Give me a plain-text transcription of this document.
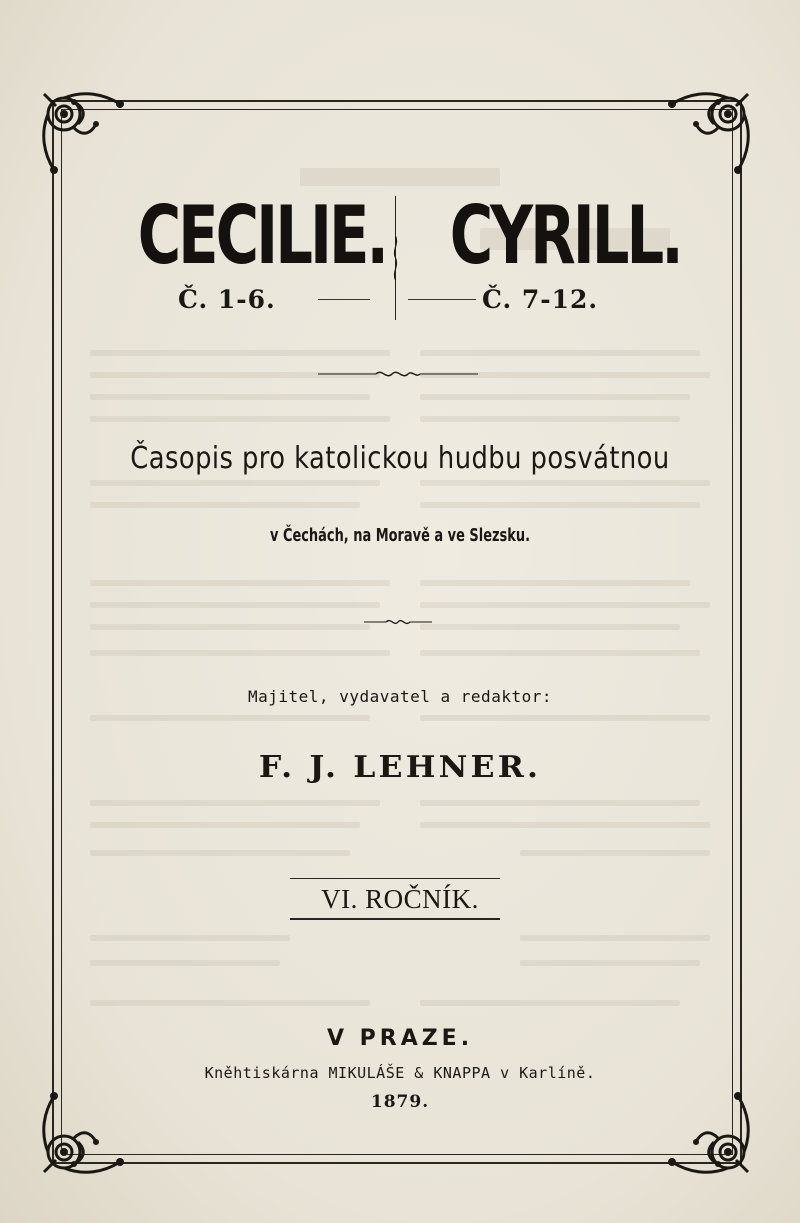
CECILIE. CYRILL.
Č. 1-6.	Č. 7-12.
Časopis pro katolickou hudbu posvátnou
v Čechách, na Moravě a ve Slezsku.
Majitel, vydavatel a redaktor:
F. J. LEHNER.
VI. ROČNÍK.
V PRAZE.
Kněhtiskárna MIKULÁŠE & KNAPPA v Karlíně.
1879.
